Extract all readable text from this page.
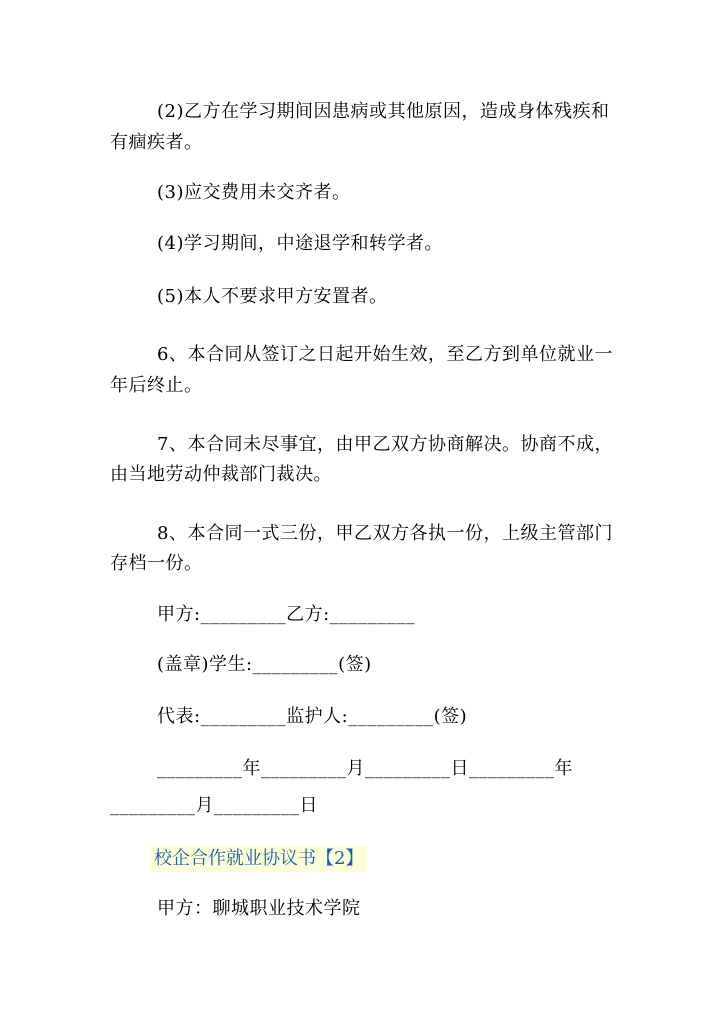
(2)乙方在学习期间因患病或其他原因，造成身体残疾和
有痼疾者。
(3)应交费用未交齐者。
(4)学习期间，中途退学和转学者。
(5)本人不要求甲方安置者。
6、本合同从签订之日起开始生效，至乙方到单位就业一
年后终止。
7、本合同未尽事宜，由甲乙双方协商解决。协商不成，
由当地劳动仲裁部门裁决。
8、本合同一式三份，甲乙双方各执一份，上级主管部门
存档一份。
甲方:_________乙方:_________
(盖章)学生:_________(签)
代表:_________监护人:_________(签)
_________年_________月_________日_________年
_________月_________日
校企合作就业协议书【2】
甲方：聊城职业技术学院
